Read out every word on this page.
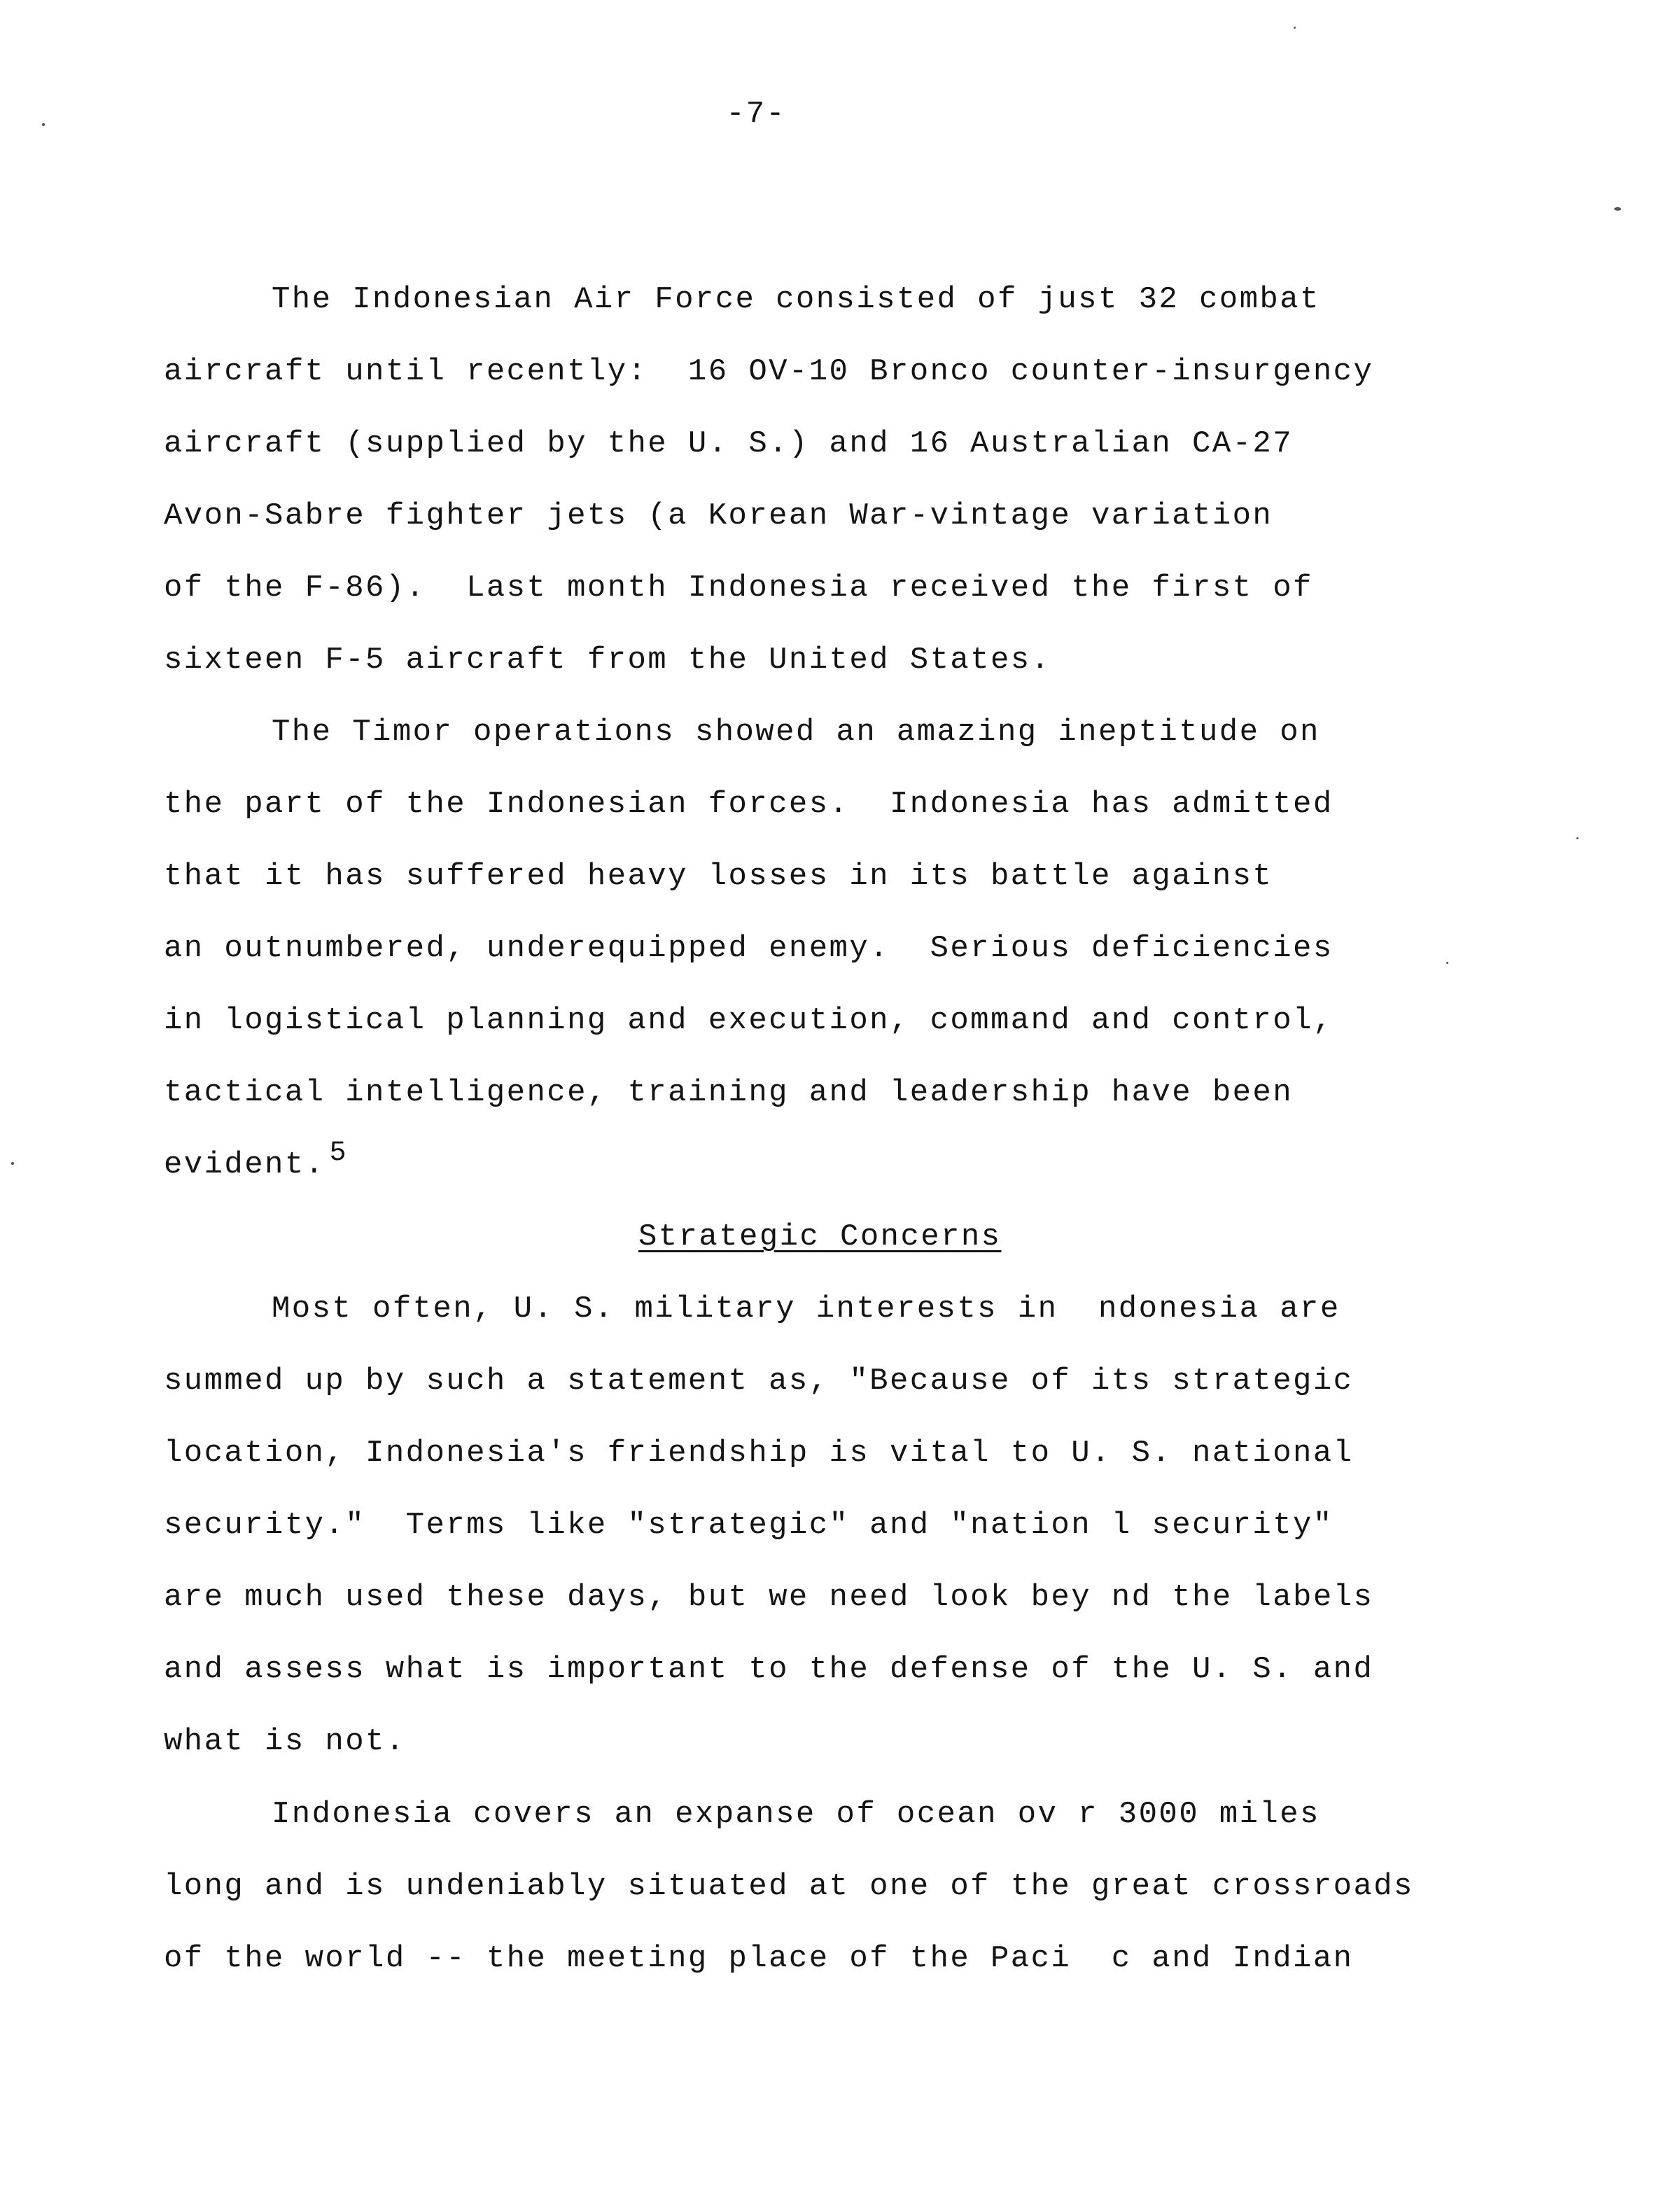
-7-
The Indonesian Air Force consisted of just 32 combat
aircraft until recently:  16 OV-10 Bronco counter-insurgency
aircraft (supplied by the U. S.) and 16 Australian CA-27
Avon-Sabre fighter jets (a Korean War-vintage variation
of the F-86).  Last month Indonesia received the first of
sixteen F-5 aircraft from the United States.
The Timor operations showed an amazing ineptitude on
the part of the Indonesian forces.  Indonesia has admitted
that it has suffered heavy losses in its battle against
an outnumbered, underequipped enemy.  Serious deficiencies
in logistical planning and execution, command and control,
tactical intelligence, training and leadership have been
evident. 5
Strategic Concerns
Most often, U. S. military interests in  ndonesia are
summed up by such a statement as, "Because of its strategic
location, Indonesia's friendship is vital to U. S. national
security."  Terms like "strategic" and "nation l security"
are much used these days, but we need look bey nd the labels
and assess what is important to the defense of the U. S. and
what is not.
Indonesia covers an expanse of ocean ov r 3000 miles
long and is undeniably situated at one of the great crossroads
of the world -- the meeting place of the Paci  c and Indian
